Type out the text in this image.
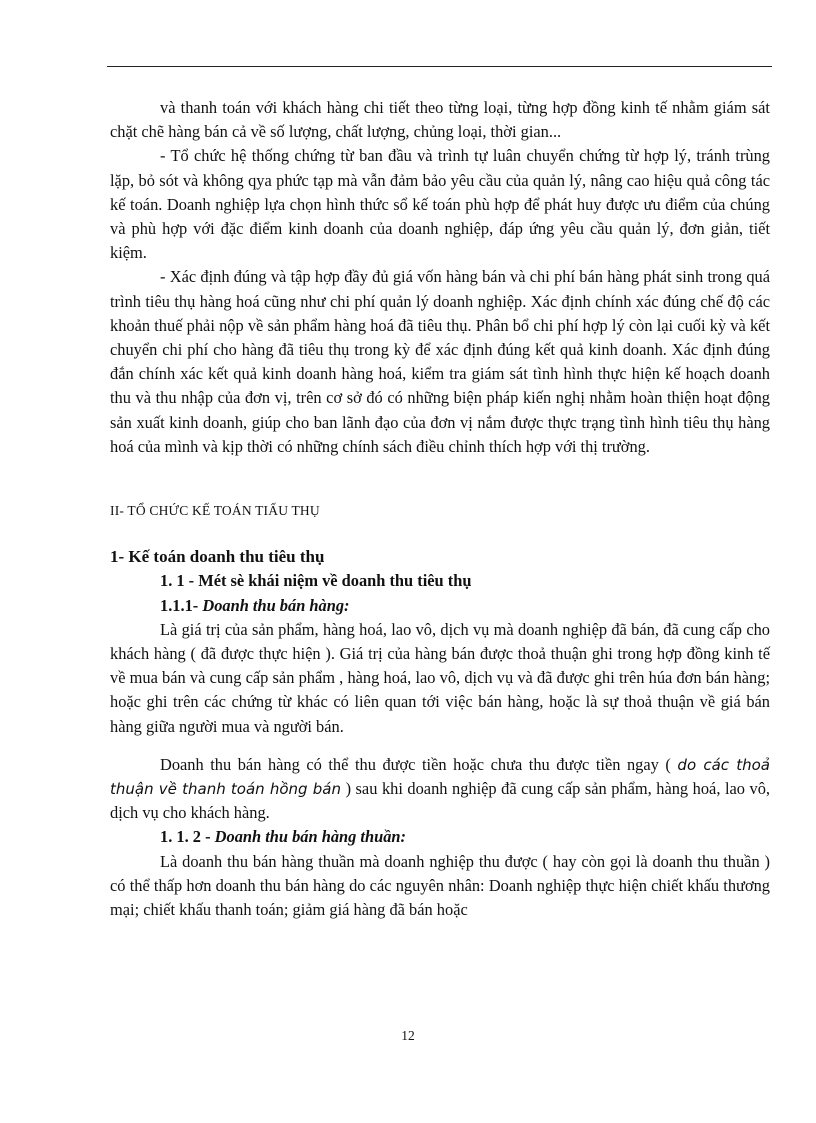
và thanh toán với khách hàng chi tiết theo từng loại, từng hợp đồng kinh tế nhằm giám sát chặt chẽ hàng bán cả về số lượng, chất lượng, chủng loại, thời gian...

- Tổ chức hệ thống chứng từ ban đầu và trình tự luân chuyển chứng từ hợp lý, tránh trùng lặp, bỏ sót và không qya phức tạp mà vẫn đảm bảo yêu cầu của quản lý, nâng cao hiệu quả công tác kế toán. Doanh nghiệp lựa chọn hình thức sổ kế toán phù hợp để phát huy được ưu điểm của chúng và phù hợp với đặc điểm kinh doanh của doanh nghiệp, đáp ứng yêu cầu quản lý, đơn giản, tiết kiệm.

- Xác định đúng và tập hợp đầy đủ giá vốn hàng bán và chi phí bán hàng phát sinh trong quá trình tiêu thụ hàng hoá cũng như chi phí quản lý doanh nghiệp. Xác định chính xác đúng chế độ các khoản thuế phải nộp về sản phẩm hàng hoá đã tiêu thụ. Phân bổ chi phí hợp lý còn lại cuối kỳ và kết chuyển chi phí cho hàng đã tiêu thụ trong kỳ để xác định đúng kết quả kinh doanh. Xác định đúng đắn chính xác kết quả kinh doanh hàng hoá, kiểm tra giám sát tình hình thực hiện kế hoạch doanh thu và thu nhập của đơn vị, trên cơ sở đó có những biện pháp kiến nghị nhằm hoàn thiện hoạt động sản xuất kinh doanh, giúp cho ban lãnh đạo của đơn vị nắm được thực trạng tình hình tiêu thụ hàng hoá của mình và kịp thời có những chính sách điều chỉnh thích hợp với thị trường.

II- TỔ CHỨC KẾ TOÁN TIẤU THỤ

1- Kế toán doanh thu tiêu thụ

1. 1 - Mét sè khái niệm về doanh thu tiêu thụ

1.1.1- Doanh thu bán hàng:

Là giá trị của sản phẩm, hàng hoá, lao vô, dịch vụ mà doanh nghiệp đã bán, đã cung cấp cho khách hàng ( đã được thực hiện ). Giá trị của hàng bán được thoả thuận ghi trong hợp đồng kinh tế về mua bán và cung cấp sản phẩm , hàng hoá, lao vô, dịch vụ và đã được ghi trên húa đơn bán hàng; hoặc ghi trên các chứng từ khác có liên quan tới việc bán hàng, hoặc là sự thoả thuận về giá bán hàng giữa người mua và người bán.

Doanh thu bán hàng có thể thu được tiền hoặc chưa thu được tiền ngay ( do các thoả thuận về thanh toán hồng bán ) sau khi doanh nghiệp đã cung cấp sản phẩm, hàng hoá, lao vô, dịch vụ cho khách hàng.

1. 1. 2 - Doanh thu bán hàng thuần:

Là doanh thu bán hàng thuần mà doanh nghiệp thu được ( hay còn gọi là doanh thu thuần ) có thể thấp hơn doanh thu bán hàng do các nguyên nhân: Doanh nghiệp thực hiện chiết khấu thương mại; chiết khấu thanh toán; giảm giá hàng đã bán hoặc

12
